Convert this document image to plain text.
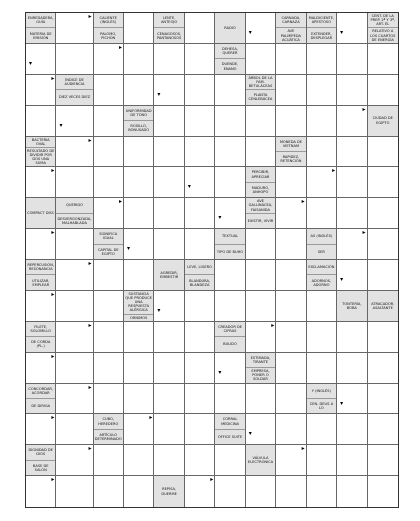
ENREDADERA, GUÍA
MATERIA DE EMISIÓN
▸	CALIENTE (INGLÉS)
PALOMO, PICHÓN
LENTE, ANTEOJO
CENAGOSOS, PANTANOSOS
RADIO
▾
CARNADA, CARNAZA
AVE PALMÍPEDA ACUÁTICA
MALDICIENTE, APESTOSO
EXTENDER, DESPLEGAR
▾
CENT. DE LA PREP. 2ª Y 3ª, ART. EL
RELATIVO A LOS CUARTOS DE ENERGÍA
▾
▸	DEHESA, QUERER
DUENDE, ENANO
▸	ÍNDICE DE AUDIENCIA
DIEZ VECES DIEZ	▾
ÁRBOL DE LA FAM. BETULÁCEAS
PLANTA CENLEBÁCEA
▾
UNIFORMIDAD DE TONO
ROSILLO, BONUSADO
▸
CIUDAD DE EGIPTO
BACTERIA OVAL
RESULTADO DE DIVIDIR POR DOS UNA SUMA
▸	MONEDA DE VIETNAM
RAPIDEZ, RETENCIÓN
▸
▾
PERCIBIR, APRECIAR
MADURO, ANHOPO
▸
COMPACT DISC
QUERIDO
DESVERGONZADA, MALHABLADA
▸
▾
AVE GALLINÁCEA, FAISANIDA
EXISTIR, VIVIR
▸
▸	SIGNIFICA IGUAL
CAPITAL DE EGIPTO
▾
TEXTUAL
TIPO DE BUHO
AS (INGLÉS)
SER
▸
REPERCUSIÓN, RESONANCIA
UTILIZAR, EMPLEAR
▸
AGREDIR, EMBESTIR
LEVE, LIGERO
BLANDURA, BLANDEZA
EXCLAMACIÓN
ADORNOS, ADORNO
▾
▸	SUSTANCIA QUE PRODUCE UNA RESPUESTA ALÉRGICA
ORNIMOS
▾
TONTERÍA, BOBA
ATRACADOR, ASALTANTE
FILETE, SOLOMILLO
DE CORDA (PL.)
▸	CREADOR DE CIFRAS
BULIDO
▸
▸
▾
ESTIMADA, TIRANTE
EMPRESA, PONER O SOLDAR
CONCORDAR, ACORDAR
DE DIRIGA
▸
Y (INGLÉS)
CEN. DEUS A LO
▾
▸	CUBO, HEREDERO
ARTÍCULO DETERMINADO
▸	CORRAL MEDICINA
OFFICE SUITE	▾
DIGNIDAD DE DIOS
BASE DE SALÓN
▸
VÁLVULA ELECTRÓNICA
▸
▸
REPISA, DUERME
▸
